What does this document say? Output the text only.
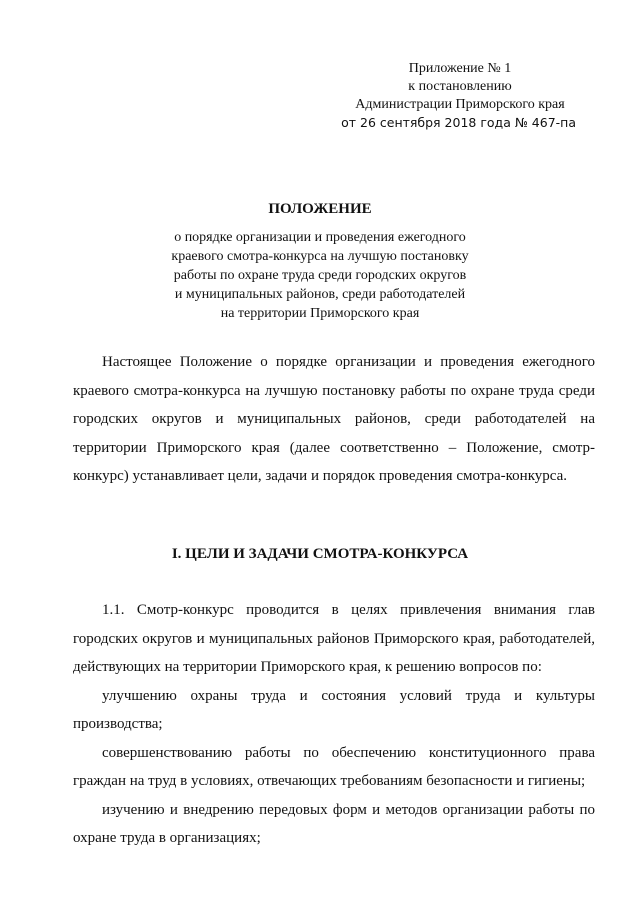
Приложение № 1
к постановлению
Администрации Приморского края
от 26 сентября 2018 года № 467-па
ПОЛОЖЕНИЕ
о порядке организации и проведения ежегодного
краевого смотра-конкурса на лучшую постановку
работы по охране труда среди городских округов
и муниципальных районов, среди работодателей
на территории Приморского края

Настоящее Положение о порядке организации и проведения ежегодного краевого смотра-конкурса на лучшую постановку работы по охране труда среди городских округов и муниципальных районов, среди работодателей на территории Приморского края (далее соответственно – Положение, смотр-конкурс) устанавливает цели, задачи и порядок проведения смотра-конкурса.

I. ЦЕЛИ И ЗАДАЧИ СМОТРА-КОНКУРСА

1.1. Смотр-конкурс проводится в целях привлечения внимания глав городских округов и муниципальных районов Приморского края, работодателей, действующих на территории Приморского края, к решению вопросов по:

улучшению охраны труда и состояния условий труда и культуры производства;

совершенствованию работы по обеспечению конституционного права граждан на труд в условиях, отвечающих требованиям безопасности и гигиены;

изучению и внедрению передовых форм и методов организации работы по охране труда в организациях;
